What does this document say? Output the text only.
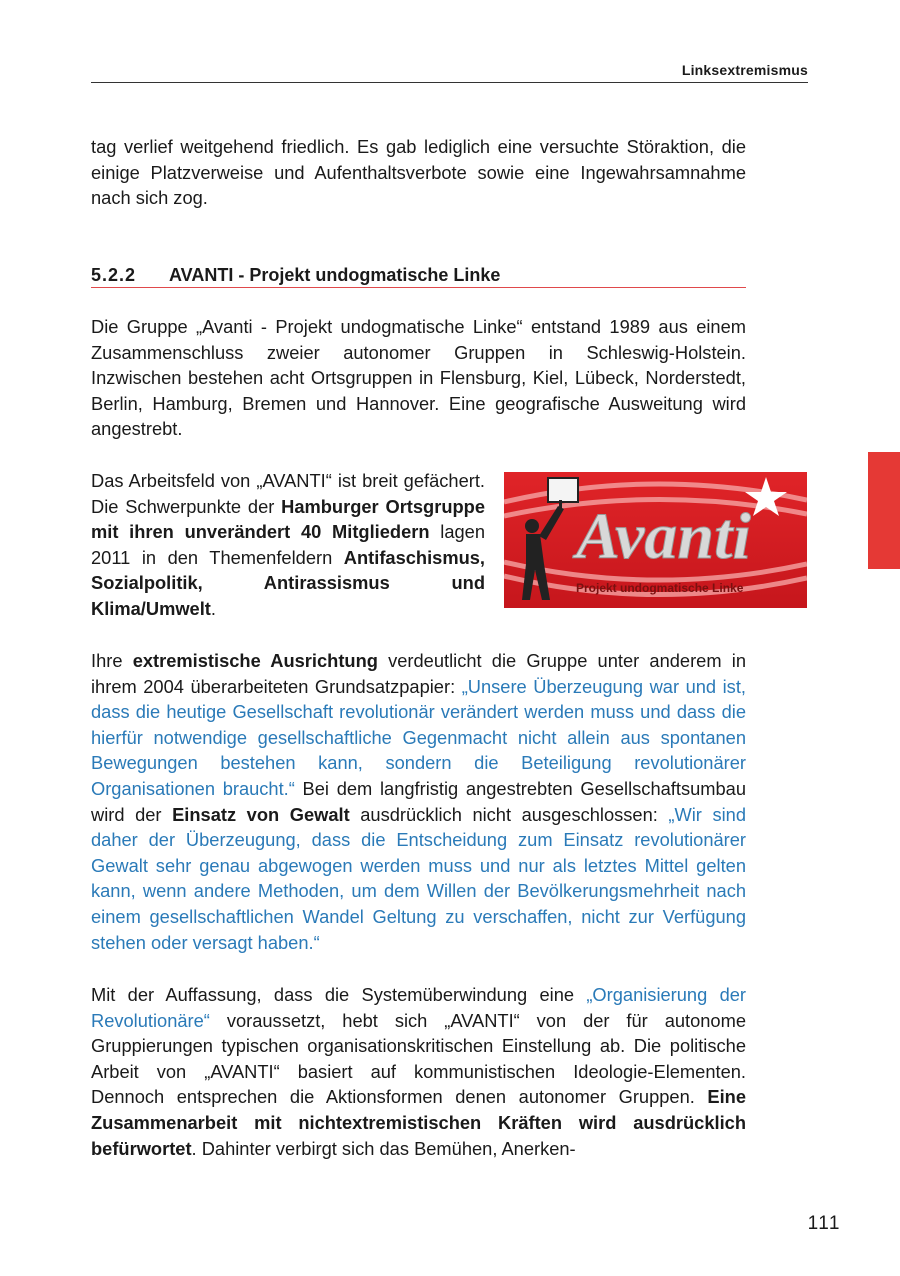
Linksextremismus

tag verlief weitgehend friedlich. Es gab lediglich eine versuchte Störaktion, die einige Platzverweise und Aufenthaltsverbote sowie eine Ingewahrsamnahme nach sich zog.

5.2.2 AVANTI - Projekt undogmatische Linke

Die Gruppe „Avanti - Projekt undogmatische Linke“ entstand 1989 aus einem Zusammenschluss zweier autonomer Gruppen in Schleswig-Holstein. Inzwischen bestehen acht Ortsgruppen in Flensburg, Kiel, Lübeck, Norderstedt, Berlin, Hamburg, Bremen und Hannover. Eine geografische Ausweitung wird angestrebt.

Das Arbeitsfeld von „AVANTI“ ist breit gefächert. Die Schwerpunkte der Hamburger Ortsgruppe mit ihren unverändert 40 Mitgliedern lagen 2011 in den Themenfeldern Antifaschismus, Sozialpolitik, Antirassismus und Klima/Umwelt.

Avanti
Projekt undogmatische Linke

Ihre extremistische Ausrichtung verdeutlicht die Gruppe unter anderem in ihrem 2004 überarbeiteten Grundsatzpapier: „Unsere Überzeugung war und ist, dass die heutige Gesellschaft revolutionär verändert werden muss und dass die hierfür notwendige gesellschaftliche Gegenmacht nicht allein aus spontanen Bewegungen bestehen kann, sondern die Beteiligung revolutionärer Organisationen braucht.“ Bei dem langfristig angestrebten Gesellschaftsumbau wird der Einsatz von Gewalt ausdrücklich nicht ausgeschlossen: „Wir sind daher der Überzeugung, dass die Entscheidung zum Einsatz revolutionärer Gewalt sehr genau abgewogen werden muss und nur als letztes Mittel gelten kann, wenn andere Methoden, um dem Willen der Bevölkerungsmehrheit nach einem gesellschaftlichen Wandel Geltung zu verschaffen, nicht zur Verfügung stehen oder versagt haben.“

Mit der Auffassung, dass die Systemüberwindung eine „Organisierung der Revolutionäre“ voraussetzt, hebt sich „AVANTI“ von der für autonome Gruppierungen typischen organisationskritischen Einstellung ab. Die politische Arbeit von „AVANTI“ basiert auf kommunistischen Ideologie-Elementen. Dennoch entsprechen die Aktionsformen denen autonomer Gruppen. Eine Zusammenarbeit mit nichtextremistischen Kräften wird ausdrücklich befürwortet. Dahinter verbirgt sich das Bemühen, Anerken-

111
